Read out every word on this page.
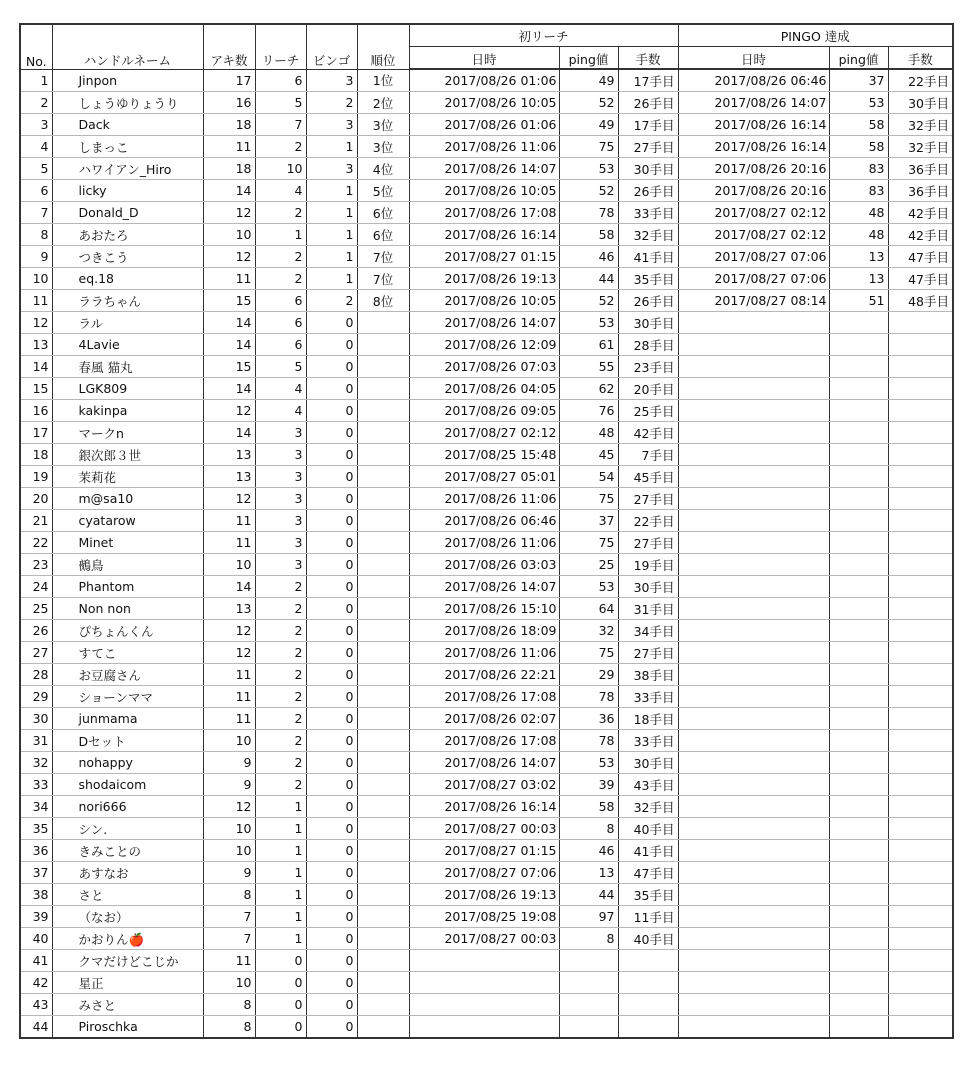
No.	ハンドルネーム	アキ数	リーチ	ビンゴ	順位	初リーチ			PINGO 達成		
						日時	ping値	手数	日時	ping値	手数
1	Jinpon	17	6	3	1位	2017/08/26 01:06	49	17手目	2017/08/26 06:46	37	22手目
2	しょうゆりょうり	16	5	2	2位	2017/08/26 10:05	52	26手目	2017/08/26 14:07	53	30手目
3	Dack	18	7	3	3位	2017/08/26 01:06	49	17手目	2017/08/26 16:14	58	32手目
4	しまっこ	11	2	1	3位	2017/08/26 11:06	75	27手目	2017/08/26 16:14	58	32手目
5	ハワイアン_Hiro	18	10	3	4位	2017/08/26 14:07	53	30手目	2017/08/26 20:16	83	36手目
6	licky	14	4	1	5位	2017/08/26 10:05	52	26手目	2017/08/26 20:16	83	36手目
7	Donald_D	12	2	1	6位	2017/08/26 17:08	78	33手目	2017/08/27 02:12	48	42手目
8	あおたろ	10	1	1	6位	2017/08/26 16:14	58	32手目	2017/08/27 02:12	48	42手目
9	つきこう	12	2	1	7位	2017/08/27 01:15	46	41手目	2017/08/27 07:06	13	47手目
10	eq.18	11	2	1	7位	2017/08/26 19:13	44	35手目	2017/08/27 07:06	13	47手目
11	ララちゃん	15	6	2	8位	2017/08/26 10:05	52	26手目	2017/08/27 08:14	51	48手目
12	ラル	14	6	0		2017/08/26 14:07	53	30手目			
13	4Lavie	14	6	0		2017/08/26 12:09	61	28手目			
14	春風 猫丸	15	5	0		2017/08/26 07:03	55	23手目			
15	LGK809	14	4	0		2017/08/26 04:05	62	20手目			
16	kakinpa	12	4	0		2017/08/26 09:05	76	25手目			
17	マークn	14	3	0		2017/08/27 02:12	48	42手目			
18	銀次郎３世	13	3	0		2017/08/25 15:48	45	7手目			
19	茉莉花	13	3	0		2017/08/27 05:01	54	45手目			
20	m@sa10	12	3	0		2017/08/26 11:06	75	27手目			
21	cyatarow	11	3	0		2017/08/26 06:46	37	22手目			
22	Minet	11	3	0		2017/08/26 11:06	75	27手目			
23	鵺鳥	10	3	0		2017/08/26 03:03	25	19手目			
24	Phantom	14	2	0		2017/08/26 14:07	53	30手目			
25	Non non	13	2	0		2017/08/26 15:10	64	31手目			
26	ぴちょんくん	12	2	0		2017/08/26 18:09	32	34手目			
27	すてこ	12	2	0		2017/08/26 11:06	75	27手目			
28	お豆腐さん	11	2	0		2017/08/26 22:21	29	38手目			
29	ショーンママ	11	2	0		2017/08/26 17:08	78	33手目			
30	junmama	11	2	0		2017/08/26 02:07	36	18手目			
31	Dセット	10	2	0		2017/08/26 17:08	78	33手目			
32	nohappy	9	2	0		2017/08/26 14:07	53	30手目			
33	shodaicom	9	2	0		2017/08/27 03:02	39	43手目			
34	nori666	12	1	0		2017/08/26 16:14	58	32手目			
35	シン.	10	1	0		2017/08/27 00:03	8	40手目			
36	きみことの	10	1	0		2017/08/27 01:15	46	41手目			
37	あすなお	9	1	0		2017/08/27 07:06	13	47手目			
38	さと	8	1	0		2017/08/26 19:13	44	35手目			
39	（なお）	7	1	0		2017/08/25 19:08	97	11手目			
40	かおりん🍎	7	1	0		2017/08/27 00:03	8	40手目			
41	クマだけどこじか	11	0	0							
42	星正	10	0	0							
43	みさと	8	0	0							
44	Piroschka	8	0	0							
